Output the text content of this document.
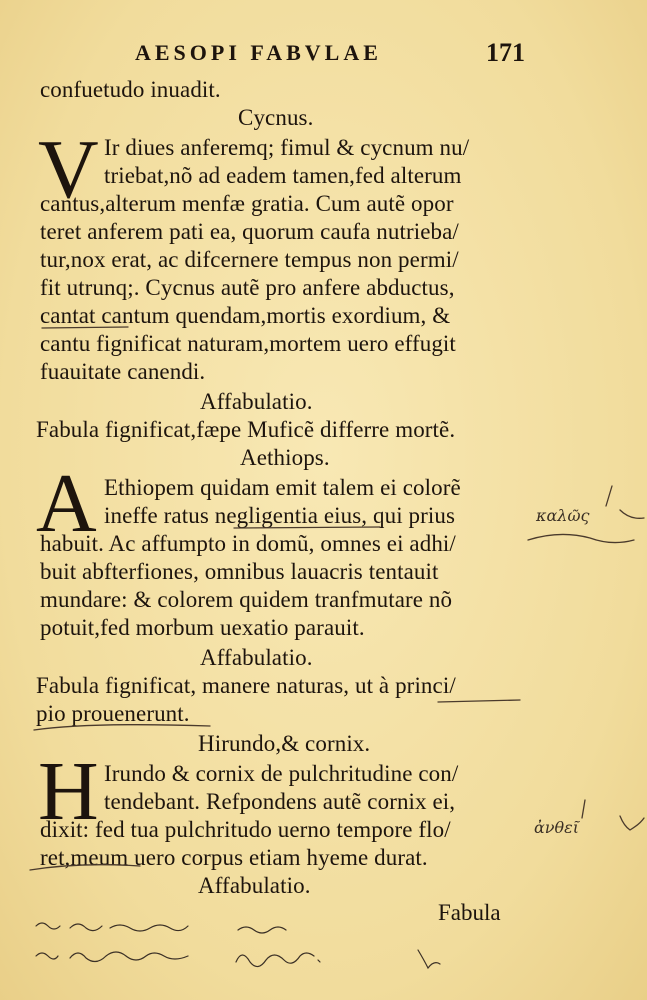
AESOPI FABVLAE	171
confuetudo inuadit.
Cycnus.
V Ir diues anferemq; fimul & cycnum nu/
triebat,nõ ad eadem tamen,fed alterum
cantus,alterum menfæ gratia. Cum autẽ opor
teret anferem pati ea, quorum caufa nutrieba/
tur,nox erat, ac difcernere tempus non permi/
fit utrunq;. Cycnus autẽ pro anfere abductus,
cantat cantum quendam,mortis exordium, &
cantu fignificat naturam,mortem uero effugit
fuauitate canendi.
Affabulatio.
Fabula fignificat,fæpe Muficẽ differre mortẽ.
Aethiops.
A Ethiopem quidam emit talem ei colorẽ
ineffe ratus negligentia eius, qui prius
habuit. Ac affumpto in domũ, omnes ei adhi/
buit abfterfiones, omnibus lauacris tentauit
mundare: & colorem quidem tranfmutare nõ
potuit,fed morbum uexatio parauit.
Affabulatio.
Fabula fignificat, manere naturas, ut à princi/
pio prouenerunt.
Hirundo,& cornix.
H Irundo & cornix de pulchritudine con/
tendebant. Refpondens autẽ cornix ei,
dixit: fed tua pulchritudo uerno tempore flo/
ret,meum uero corpus etiam hyeme durat.
Affabulatio.
Fabula
καλῶς
ἀνθεῖ
